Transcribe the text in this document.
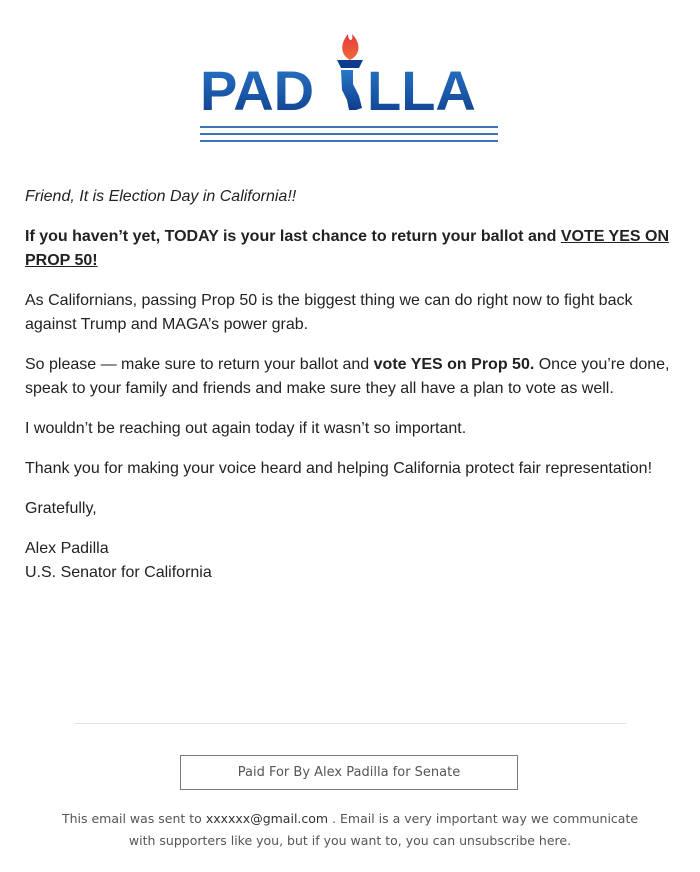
PAD LLA

Friend, It is Election Day in California!!

If you haven’t yet, TODAY is your last chance to return your ballot and VOTE YES ON PROP 50!

As Californians, passing Prop 50 is the biggest thing we can do right now to fight back against Trump and MAGA’s power grab.

So please — make sure to return your ballot and vote YES on Prop 50. Once you’re done, speak to your family and friends and make sure they all have a plan to vote as well.

I wouldn’t be reaching out again today if it wasn’t so important.

Thank you for making your voice heard and helping California protect fair representation!

Gratefully,

Alex Padilla

U.S. Senator for California

Paid For By Alex Padilla for Senate
This email was sent to xxxxxx@gmail.com . Email is a very important way we communicate with supporters like you, but if you want to, you can unsubscribe here.
